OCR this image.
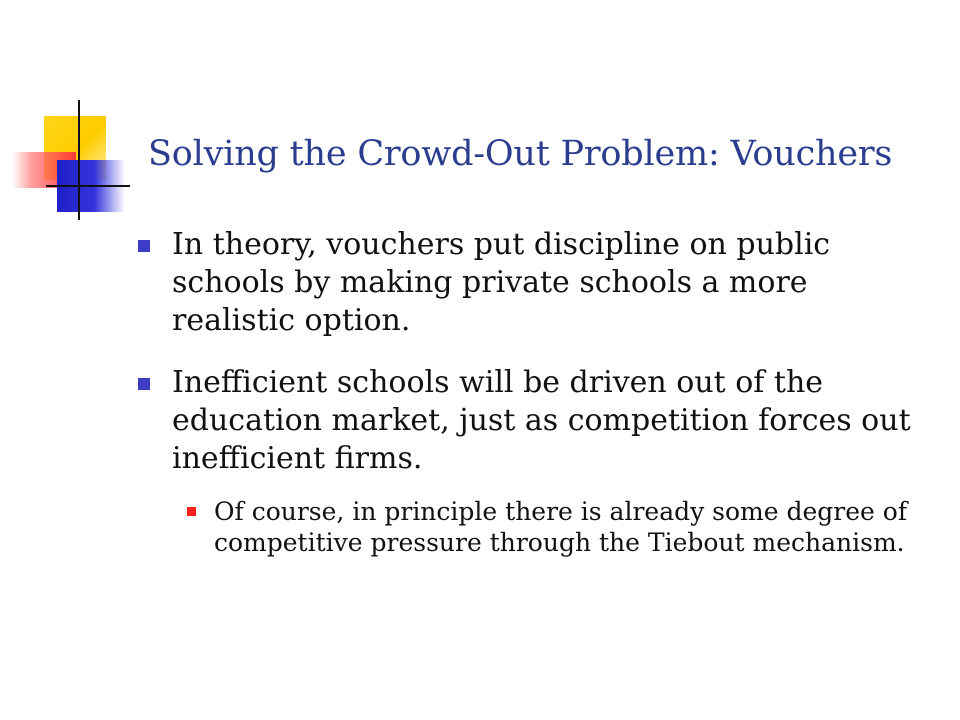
Solving the Crowd-Out Problem: Vouchers
In theory, vouchers put discipline on public schools by making private schools a more realistic option.
Inefficient schools will be driven out of the education market, just as competition forces out inefficient firms.
Of course, in principle there is already some degree of competitive pressure through the Tiebout mechanism.
